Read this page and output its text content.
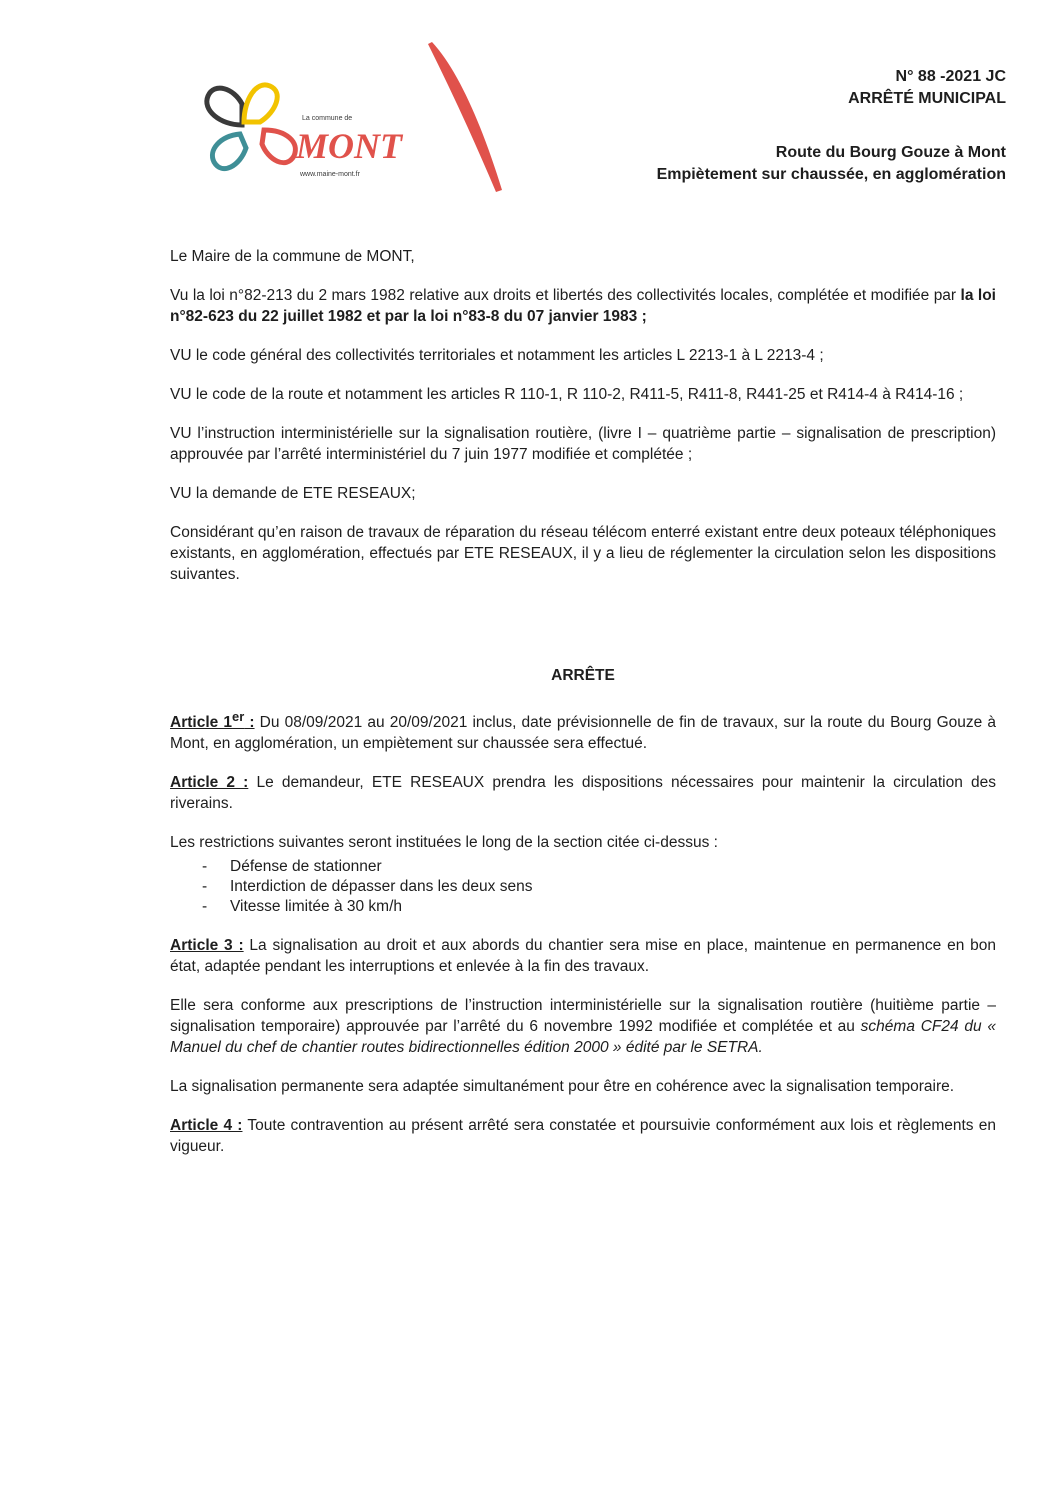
La commune de
MONT
www.maine-mont.fr
N° 88 -2021 JC
ARRÊTÉ MUNICIPAL
Route du Bourg Gouze à Mont
Empiètement sur chaussée, en agglomération

Le Maire de la commune de MONT,

Vu la loi n°82-213 du 2 mars 1982 relative aux droits et libertés des collectivités locales, complétée et modifiée par la loi n°82-623 du 22 juillet 1982 et par la loi n°83-8 du 07 janvier 1983 ;

VU le code général des collectivités territoriales et notamment les articles L 2213-1 à L 2213-4 ;

VU le code de la route et notamment les articles R 110-1, R 110-2, R411-5, R411-8, R441-25 et R414-4 à R414-16 ;

VU l’instruction interministérielle sur la signalisation routière, (livre I – quatrième partie – signalisation de prescription) approuvée par l’arrêté interministériel du 7 juin 1977 modifiée et complétée ;

VU la demande de ETE RESEAUX;

Considérant qu’en raison de travaux de réparation du réseau télécom enterré existant entre deux poteaux téléphoniques existants, en agglomération, effectués par ETE RESEAUX, il y a lieu de réglementer la circulation selon les dispositions suivantes.

ARRÊTE

Article 1er : Du 08/09/2021 au 20/09/2021 inclus, date prévisionnelle de fin de travaux, sur la route du Bourg Gouze à Mont, en agglomération, un empiètement sur chaussée sera effectué.

Article 2 : Le demandeur, ETE RESEAUX prendra les dispositions nécessaires pour maintenir la circulation des riverains.

Les restrictions suivantes seront instituées le long de la section citée ci-dessus :

- Défense de stationner
- Interdiction de dépasser dans les deux sens
- Vitesse limitée à 30 km/h

Article 3 : La signalisation au droit et aux abords du chantier sera mise en place, maintenue en permanence en bon état, adaptée pendant les interruptions et enlevée à la fin des travaux.

Elle sera conforme aux prescriptions de l’instruction interministérielle sur la signalisation routière (huitième partie – signalisation temporaire) approuvée par l’arrêté du 6 novembre 1992 modifiée et complétée et au schéma CF24 du « Manuel du chef de chantier routes bidirectionnelles édition 2000 » édité par le SETRA.

La signalisation permanente sera adaptée simultanément pour être en cohérence avec la signalisation temporaire.

Article 4 : Toute contravention au présent arrêté sera constatée et poursuivie conformément aux lois et règlements en vigueur.
